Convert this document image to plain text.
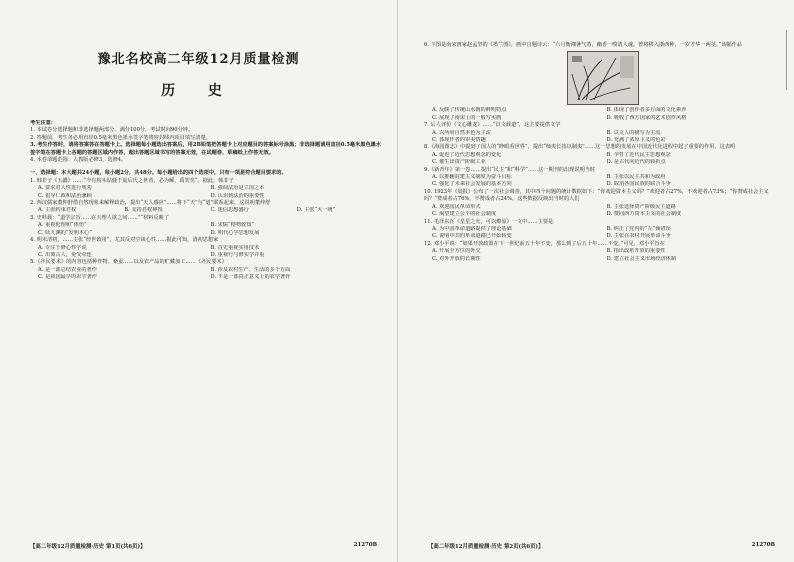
豫北名校高二年级12月质量检测
历 史

考生注意：

1. 本试卷分选择题和非选择题两部分。满分100分，考试时间90分钟。

2. 答题前，考生务必用直径0.5毫米黑色墨水签字笔将密封线内项目填写清楚。

3. 考生作答时，请将答案答在答题卡上。选择题每小题选出答案后，用2B铅笔把答题卡上对应题目的答案标号涂黑；非选择题请用直径0.5毫米黑色墨水签字笔在答题卡上各题的答题区域内作答，超出答题区域书写的答案无效，在试题卷、草稿纸上作答无效。

4. 本卷命题范围：人教版必修3，选修4。

一、选择题：本大题共24小题，每小题2分，共48分。每小题给出的四个选项中，只有一项是符合题目要求的。

1. 韩非子《五蠹》……“今有构木钻燧于夏后氏之世者，必为鲧、禹笑矣”。据此，韩非子

A. 要求对人性进行规劝	B. 强调法治是立国之本
C. 倡导仁政和法治兼顾	D. 认识到法治的重要性

2. 西汉儒家董仲舒借自然现象来解释政治，提出“天人感应”……将下“天”与“道”联系起来，这说明董仲舒

A. 主张约束君权	B. 支持君权神授	C. 迷信思想盛行	D. 主张“大一统”

3. 史料载：“道学宗旨……在天理人欲之间……”“材料反映了

A. 重视伦理和“体悟”	B. 宋儒“格物致知”
C. 陆九渊的“发明本心”	D. 明代心学思想发展

4. 明末清初，……主张“经世致用”，尤其反对空谈心性……据此可知，清初思想家

A. 专注于修心性学说	B. 首先重视实用技术
C. 出离古人，免受牵连	D. 重视行与修实学并重

5.《齐民要术》的内容包括种作物、桑蚕……以及农产品的贮藏加工……《齐民要术》

A. 是一部总结农业的著作	B. 涉及农村生产、生活的多个方面
C. 是我国最早的农学著作	D. 不是一部真正意义上的农学著作
【高二年级12月质量检测·历史 第1页(共6页)】	21270B

6. 下图是南宋画家赵孟坚的《墨兰图》，画中自题诗云：“六月衡湘暑气蒸，幽香一嗅清人魂。曾将移入浙西种，一岁才华一两茎。”该幅作品

A. 反映了传统山水画的鲜明特点	B. 体现了创作者多方面的文化素养
C. 展现了南宋上的一般写实画	D. 吸收了西方国家的艺术创作风格

7. 后人评价《文心雕龙》……“以文载道”，这主要提供文学

A. 以所用自然本色为主流	B. 以文人的描写为主流
C. 体现作者的审美情趣	D. 充满了浓厚主义的色彩

8.《海国图志》中提到了国人的“睁眼看世界”，提出“师夷长技以制夷”……这一思想的发展在中国近代化进程中起了重要的作用，这表明

A. 促进了近代思想观念的变化	B. 孕育了近代民主思想观念
C. 催生出资产阶级工业	D. 是古代向近代的转折点

9.《新青年》第一卷……提出“民主”和“科学”……这一期刊的出现说明当时

A. 以推翻封建主义制度为奋斗目标	B. 主张以民主共和为政府
C. 强化了未来社会发展的基本方向	D. 取消各国民族的联合斗争

10. 1923年《晨报》公布了一次社会调查，其中四个问题的统计数据如下：“你欢迎资本主义吗？”欢迎者占27%，不欢迎者占73%；“你赞成社会主义吗？”赞成者占76%，不赞成者占24%。这些数据反映出当时的人们

A. 欢迎国民革命形式	B. 主张选择资产阶级民主道路
C. 渴望建立公平的社会制度	D. 赞同西方资本主义的社会制度

11. 毛泽东在《星星之火，可以燎原》一文中……主要是

A. 为中国革命道路提供了理论基础	B. 纠正了党内的“左”倾错误
C. 说明中共的革命道路已开始转变	D. 主张在农村开展革命斗争

12. 邓小平说：“如果开放政策在下一世纪前五十年不变，那么到了后五十年……不变。”可见，邓小平旨在

A. 开展全方位的外交	B. 指出改革开放的重要性
C. 对外开放的长期性	D. 建立社会主义市场经济体制
【高二年级12月质量检测·历史 第2页(共6页)】	21270B
